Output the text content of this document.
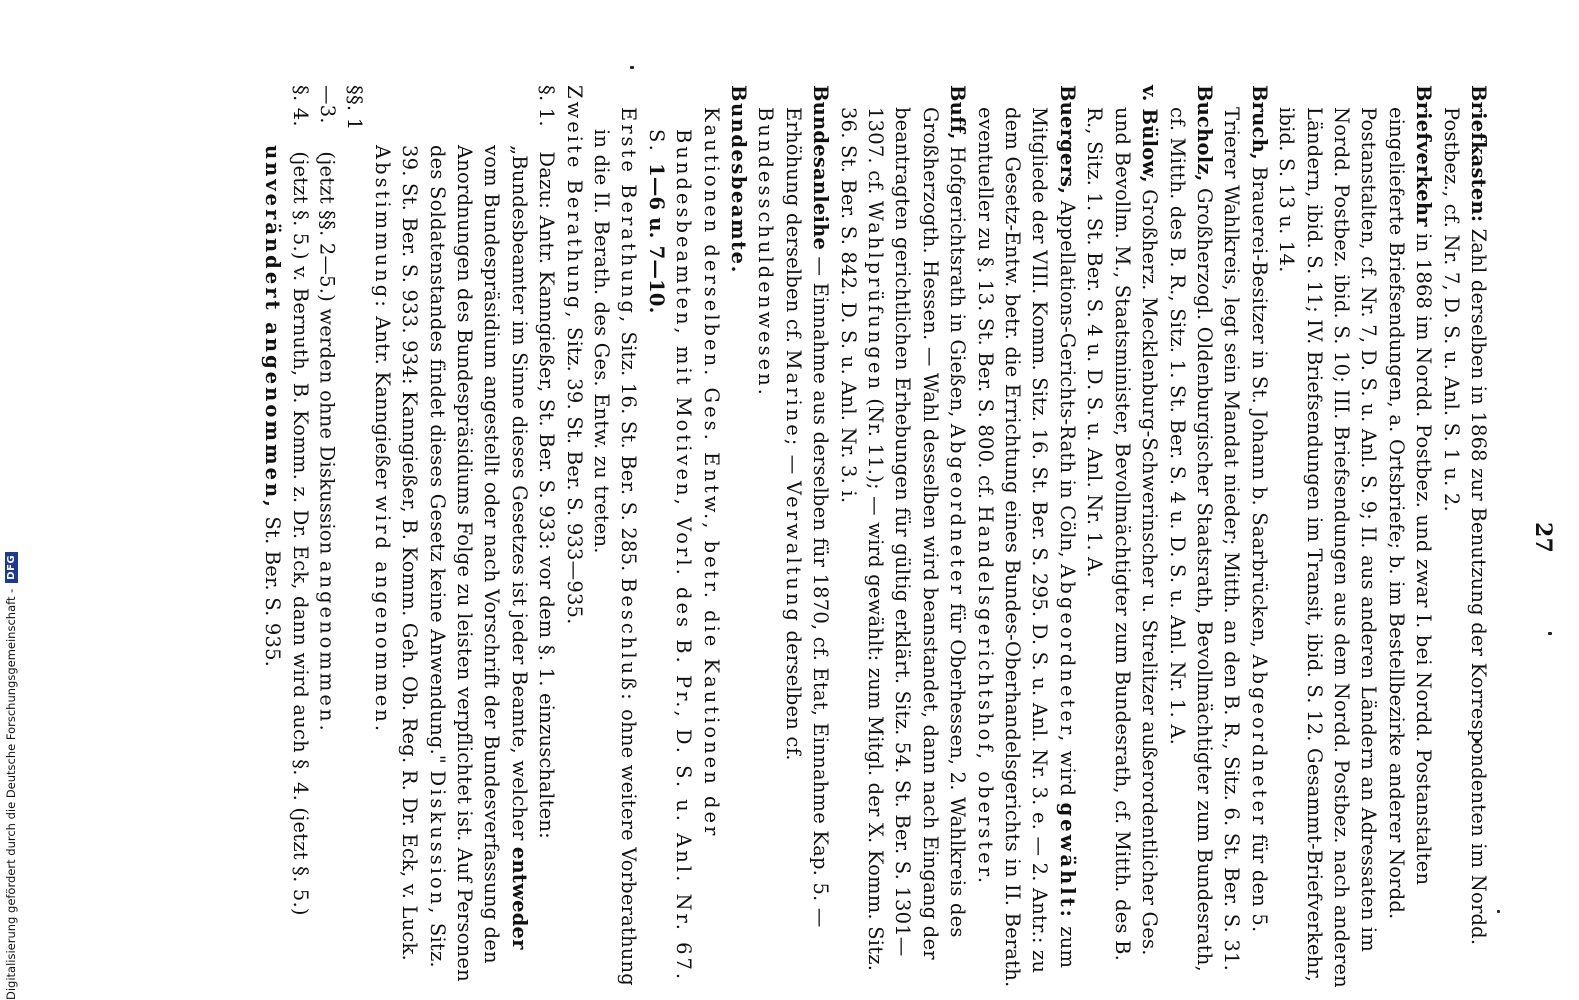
27

Briefkasten: Zahl derselben in 1868 zur Benutzung der Korrespondenten im Nordd. Postbez., cf. Nr. 7, D. S. u. Anl. S. 1 u. 2.

Briefverkehr in 1868 im Nordd. Postbez. und zwar I. bei Nordd. Postanstalten eingelieferte Briefsendungen, a. Ortsbriefe; b. im Bestellbezirke anderer Nordd. Postanstalten, cf. Nr. 7, D. S. u. Anl. S. 9; II. aus anderen Ländern an Adressaten im Nordd. Postbez. ibid. S. 10; III. Briefsendungen aus dem Nordd. Postbez. nach anderen Ländern, ibid. S. 11; IV. Briefsendungen im Transit, ibid. S. 12. Gesammt-Briefverkehr, ibid. S. 13 u. 14.

Bruch, Brauerei-Besitzer in St. Johann b. Saarbrücken, Abgeordneter für den 5. Trierer Wahlkreis, legt sein Mandat nieder; Mitth. an den B. R., Sitz. 6. St. Ber. S. 31.

Bucholz, Großherzogl. Oldenburgischer Staatsrath, Bevollmächtigter zum Bundesrath, cf. Mitth. des B. R., Sitz. 1. St. Ber. S. 4 u. D. S. u. Anl. Nr. 1. A.

v. Bülow, Großherz. Mecklenburg-Schwerinscher u. Strelitzer außerordentlicher Ges. und Bevollm. M., Staatsminister, Bevollmächtigter zum Bundesrath, cf. Mitth. des B. R., Sitz. 1. St. Ber. S. 4 u. D. S. u. Anl. Nr. 1. A.

Buergers, Appellations-Gerichts-Rath in Cöln, Abgeordneter, wird gewählt: zum Mitgliede der VIII. Komm. Sitz. 16. St. Ber. S. 295. D. S. u. Anl. Nr. 3. e. — 2. Antr.: zu dem Gesetz-Entw. betr. die Errichtung eines Bundes-Oberhandelsgerichts in II. Berath. eventueller zu §. 13. St. Ber. S. 800. cf. Handelsgerichtshof, oberster.

Buff, Hofgerichtsrath in Gießen, Abgeordneter für Oberhessen, 2. Wahlkreis des Großherzogth. Hessen. — Wahl desselben wird beanstandet, dann nach Eingang der beantragten gerichtlichen Erhebungen für gültig erklärt. Sitz. 54. St. Ber. S. 1301—1307. cf. Wahlprüfungen (Nr. 11.); — wird gewählt: zum Mitgl. der X. Komm. Sitz. 36. St. Ber. S. 842. D. S. u. Anl. Nr. 3. i.

Bundesanleihe — Einnahme aus derselben für 1870, cf. Etat, Einnahme Kap. 5. — Erhöhung derselben cf. Marine; — Verwaltung derselben cf. Bundesschuldenwesen.

Bundesbeamte.

Kautionen derselben. Ges. Entw., betr. die Kautionen der Bundesbeamten, mit Motiven, Vorl. des B. Pr., D. S. u. Anl. Nr. 67. S. 1—6 u. 7—10.

Erste Berathung, Sitz. 16. St. Ber. S. 285. Beschluß: ohne weitere Vorberathung in die II. Berath. des Ges. Entw. zu treten.

Zweite Berathung, Sitz. 39. St. Ber. S. 933—935.

§. 1. Dazu: Antr. Kanngießer, St. Ber. S. 933: vor dem §. 1. einzuschalten: „Bundesbeamter im Sinne dieses Gesetzes ist jeder Beamte, welcher entweder vom Bundespräsidium angestellt oder nach Vorschrift der Bundesverfassung den Anordnungen des Bundespräsidiums Folge zu leisten verpflichtet ist. Auf Personen des Soldatenstandes findet dieses Gesetz keine Anwendung." Diskussion, Sitz. 39. St. Ber. S. 933. 934: Kanngießer, B. Komm. Geh. Ob. Reg. R. Dr. Eck, v. Luck. Abstimmung: Antr. Kanngießer wird angenommen.

§§. 1—3. (jetzt §§. 2—5.) werden ohne Diskussion angenommen.

§. 4. (jetzt §. 5.) v. Bernuth, B. Komm. z. Dr. Eck, dann wird auch §. 4. (jetzt §. 5.) unverändert angenommen, St. Ber. S. 935.

Digitalisierung gefördert durch die Deutsche Forschungsgemeinschaft -
DFG
